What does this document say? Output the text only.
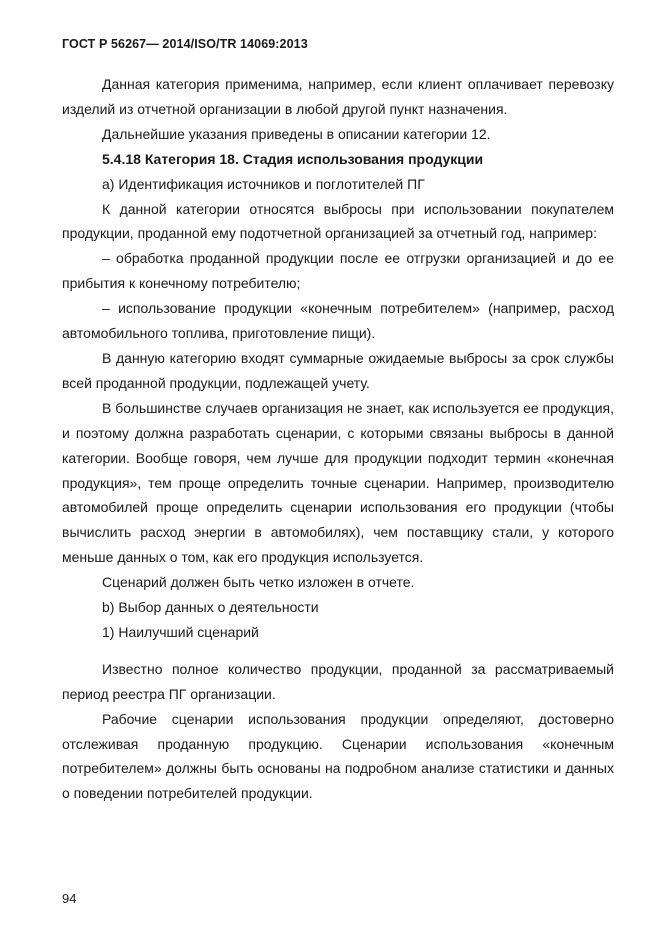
ГОСТ Р 56267— 2014/ISO/TR 14069:2013

Данная категория применима, например, если клиент оплачивает перевозку изделий из отчетной организации в любой другой пункт назначения.

Дальнейшие указания приведены в описании категории 12.

5.4.18 Категория 18. Стадия использования продукции

a) Идентификация источников и поглотителей ПГ

К данной категории относятся выбросы при использовании покупателем продукции, проданной ему подотчетной организацией за отчетный год, например:

– обработка проданной продукции после ее отгрузки организацией и до ее прибытия к конечному потребителю;

– использование продукции «конечным потребителем» (например, расход автомобильного топлива, приготовление пищи).

В данную категорию входят суммарные ожидаемые выбросы за срок службы всей проданной продукции, подлежащей учету.

В большинстве случаев организация не знает, как используется ее продукция, и поэтому должна разработать сценарии, с которыми связаны выбросы в данной категории. Вообще говоря, чем лучше для продукции подходит термин «конечная продукция», тем проще определить точные сценарии. Например, производителю автомобилей проще определить сценарии использования его продукции (чтобы вычислить расход энергии в автомобилях), чем поставщику стали, у которого меньше данных о том, как его продукция используется.

Сценарий должен быть четко изложен в отчете.

b) Выбор данных о деятельности

1) Наилучший сценарий

Известно полное количество продукции, проданной за рассматриваемый период реестра ПГ организации.

Рабочие сценарии использования продукции определяют, достоверно отслеживая проданную продукцию. Сценарии использования «конечным потребителем» должны быть основаны на подробном анализе статистики и данных о поведении потребителей продукции.

94
